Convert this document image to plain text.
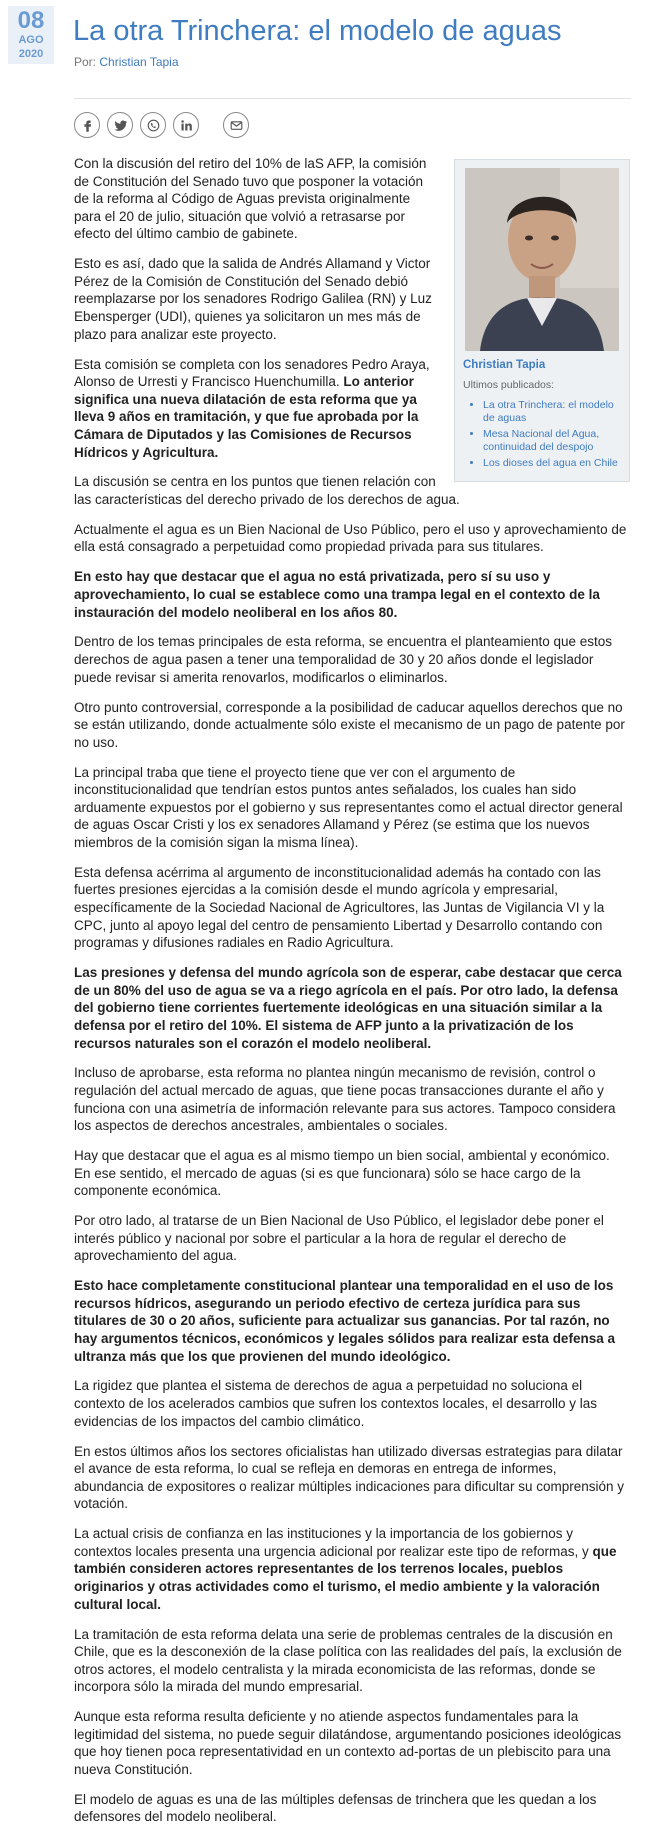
08
AGO
2020
La otra Trinchera: el modelo de aguas
Por: Christian Tapia
Christian Tapia
Ultimos publicados:
• La otra Trinchera: el modelo de aguas
• Mesa Nacional del Agua, continuidad del despojo
• Los dioses del agua en Chile

Con la discusión del retiro del 10% de laS AFP, la comisión de Constitución del Senado tuvo que posponer la votación de la reforma al Código de Aguas prevista originalmente para el 20 de julio, situación que volvió a retrasarse por efecto del último cambio de gabinete.

Esto es así, dado que la salida de Andrés Allamand y Victor Pérez de la Comisión de Constitución del Senado debió reemplazarse por los senadores Rodrigo Galilea (RN) y Luz Ebensperger (UDI), quienes ya solicitaron un mes más de plazo para analizar este proyecto.

Esta comisión se completa con los senadores Pedro Araya, Alonso de Urresti y Francisco Huenchumilla. Lo anterior significa una nueva dilatación de esta reforma que ya lleva 9 años en tramitación, y que fue aprobada por la Cámara de Diputados y las Comisiones de Recursos Hídricos y Agricultura.

La discusión se centra en los puntos que tienen relación con las características del derecho privado de los derechos de agua.

Actualmente el agua es un Bien Nacional de Uso Público, pero el uso y aprovechamiento de ella está consagrado a perpetuidad como propiedad privada para sus titulares.

En esto hay que destacar que el agua no está privatizada, pero sí su uso y aprovechamiento, lo cual se establece como una trampa legal en el contexto de la instauración del modelo neoliberal en los años 80.

Dentro de los temas principales de esta reforma, se encuentra el planteamiento que estos derechos de agua pasen a tener una temporalidad de 30 y 20 años donde el legislador puede revisar si amerita renovarlos, modificarlos o eliminarlos.

Otro punto controversial, corresponde a la posibilidad de caducar aquellos derechos que no se están utilizando, donde actualmente sólo existe el mecanismo de un pago de patente por no uso.

La principal traba que tiene el proyecto tiene que ver con el argumento de inconstitucionalidad que tendrían estos puntos antes señalados, los cuales han sido arduamente expuestos por el gobierno y sus representantes como el actual director general de aguas Oscar Cristi y los ex senadores Allamand y Pérez (se estima que los nuevos miembros de la comisión sigan la misma línea).

Esta defensa acérrima al argumento de inconstitucionalidad además ha contado con las fuertes presiones ejercidas a la comisión desde el mundo agrícola y empresarial, específicamente de la Sociedad Nacional de Agricultores, las Juntas de Vigilancia VI y la CPC, junto al apoyo legal del centro de pensamiento Libertad y Desarrollo contando con programas y difusiones radiales en Radio Agricultura.

Las presiones y defensa del mundo agrícola son de esperar, cabe destacar que cerca de un 80% del uso de agua se va a riego agrícola en el país. Por otro lado, la defensa del gobierno tiene corrientes fuertemente ideológicas en una situación similar a la defensa por el retiro del 10%. El sistema de AFP junto a la privatización de los recursos naturales son el corazón el modelo neoliberal.

Incluso de aprobarse, esta reforma no plantea ningún mecanismo de revisión, control o regulación del actual mercado de aguas, que tiene pocas transacciones durante el año y funciona con una asimetría de información relevante para sus actores. Tampoco considera los aspectos de derechos ancestrales, ambientales o sociales.

Hay que destacar que el agua es al mismo tiempo un bien social, ambiental y económico. En ese sentido, el mercado de aguas (si es que funcionara) sólo se hace cargo de la componente económica.

Por otro lado, al tratarse de un Bien Nacional de Uso Público, el legislador debe poner el interés público y nacional por sobre el particular a la hora de regular el derecho de aprovechamiento del agua.

Esto hace completamente constitucional plantear una temporalidad en el uso de los recursos hídricos, asegurando un periodo efectivo de certeza jurídica para sus titulares de 30 o 20 años, suficiente para actualizar sus ganancias. Por tal razón, no hay argumentos técnicos, económicos y legales sólidos para realizar esta defensa a ultranza más que los que provienen del mundo ideológico.

La rigidez que plantea el sistema de derechos de agua a perpetuidad no soluciona el contexto de los acelerados cambios que sufren los contextos locales, el desarrollo y las evidencias de los impactos del cambio climático.

En estos últimos años los sectores oficialistas han utilizado diversas estrategias para dilatar el avance de esta reforma, lo cual se refleja en demoras en entrega de informes, abundancia de expositores o realizar múltiples indicaciones para dificultar su comprensión y votación.

La actual crisis de confianza en las instituciones y la importancia de los gobiernos y contextos locales presenta una urgencia adicional por realizar este tipo de reformas, y que también consideren actores representantes de los terrenos locales, pueblos originarios y otras actividades como el turismo, el medio ambiente y la valoración cultural local.

La tramitación de esta reforma delata una serie de problemas centrales de la discusión en Chile, que es la desconexión de la clase política con las realidades del país, la exclusión de otros actores, el modelo centralista y la mirada economicista de las reformas, donde se incorpora sólo la mirada del mundo empresarial.

Aunque esta reforma resulta deficiente y no atiende aspectos fundamentales para la legitimidad del sistema, no puede seguir dilatándose, argumentando posiciones ideológicas que hoy tienen poca representatividad en un contexto ad-portas de un plebiscito para una nueva Constitución.

El modelo de aguas es una de las múltiples defensas de trinchera que les quedan a los defensores del modelo neoliberal.
